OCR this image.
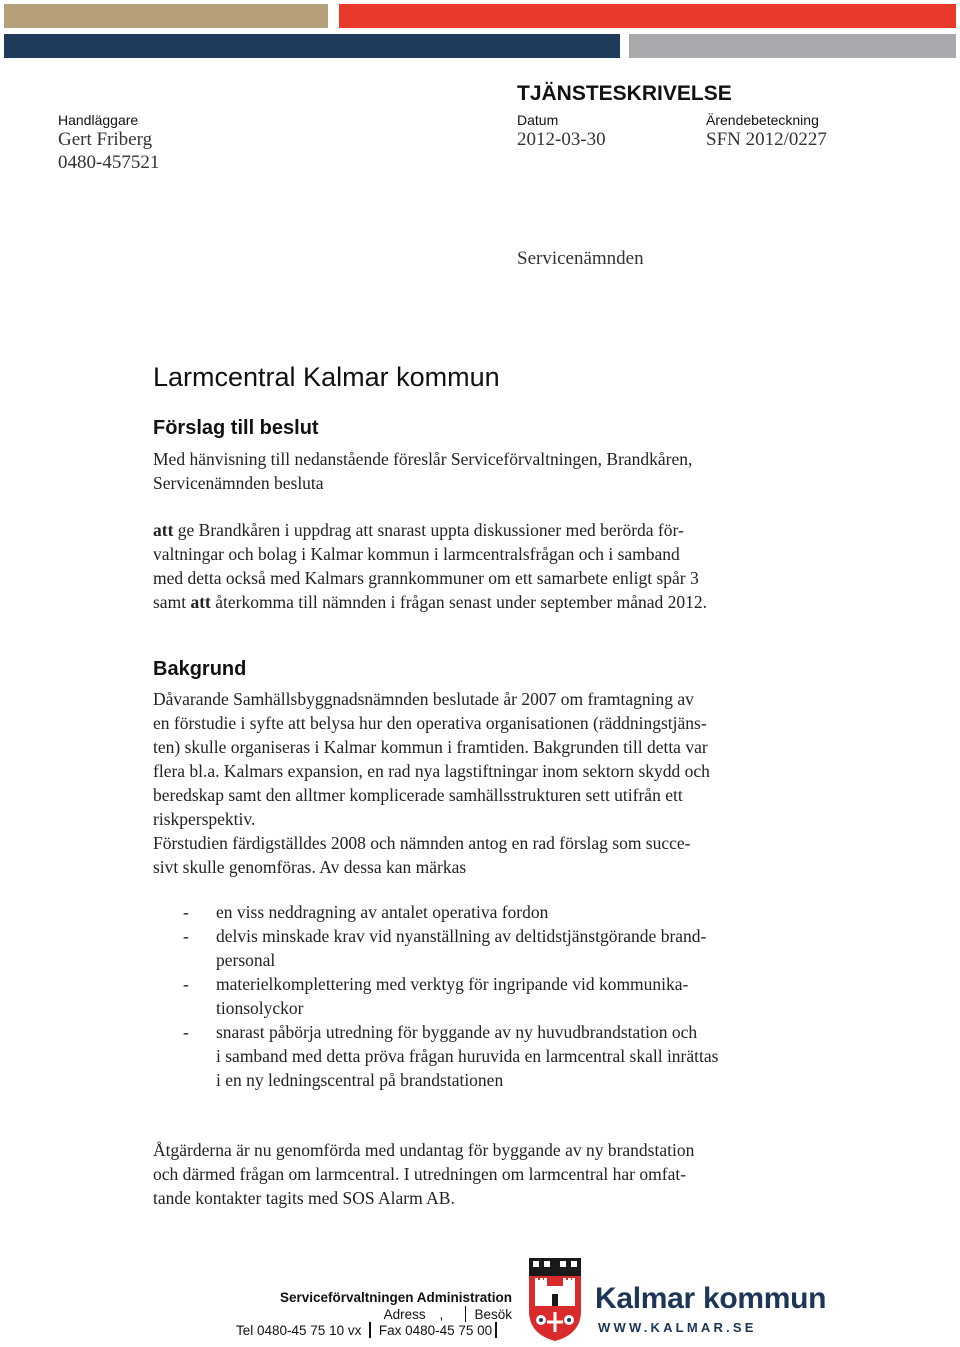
TJÄNSTESKRIVELSE
Handläggare
Gert Friberg
0480-457521
Datum
2012-03-30
Ärendebeteckning
SFN 2012/0227
Servicenämnden
Larmcentral Kalmar kommun
Förslag till beslut

Med hänvisning till nedanstående föreslår Serviceförvaltningen, Brandkåren,

Servicenämnden besluta

att ge Brandkåren i uppdrag att snarast uppta diskussioner med berörda för-

valtningar och bolag i Kalmar kommun i larmcentralsfrågan och i samband

med detta också med Kalmars grannkommuner om ett samarbete enligt spår 3

samt att återkomma till nämnden i frågan senast under september månad 2012.

Bakgrund

Dåvarande Samhällsbyggnadsnämnden beslutade år 2007 om framtagning av

en förstudie i syfte att belysa hur den operativa organisationen (räddningstjäns-

ten) skulle organiseras i Kalmar kommun i framtiden. Bakgrunden till detta var

flera bl.a. Kalmars expansion, en rad nya lagstiftningar inom sektorn skydd och

beredskap samt den alltmer komplicerade samhällsstrukturen sett utifrån ett

riskperspektiv.

Förstudien färdigställdes 2008 och nämnden antog en rad förslag som succe-

sivt skulle genomföras. Av dessa kan märkas

- en viss neddragning av antalet operativa fordon
- delvis minskade krav vid nyanställning av deltidstjänstgörande brand-
personal
- materielkomplettering med verktyg för ingripande vid kommunika-
tionsolyckor
- snarast påbörja utredning för byggande av ny huvudbrandstation och
i samband med detta pröva frågan huruvida en larmcentral skall inrättas
i en ny ledningscentral på brandstationen

Åtgärderna är nu genomförda med undantag för byggande av ny brandstation

och därmed frågan om larmcentral. I utredningen om larmcentral har omfat-

tande kontakter tagits med SOS Alarm AB.

Serviceförvaltningen Administration
Adress , Besök
Tel 0480-45 75 10 vx Fax 0480-45 75 00
Kalmar kommun
WWW.KALMAR.SE
